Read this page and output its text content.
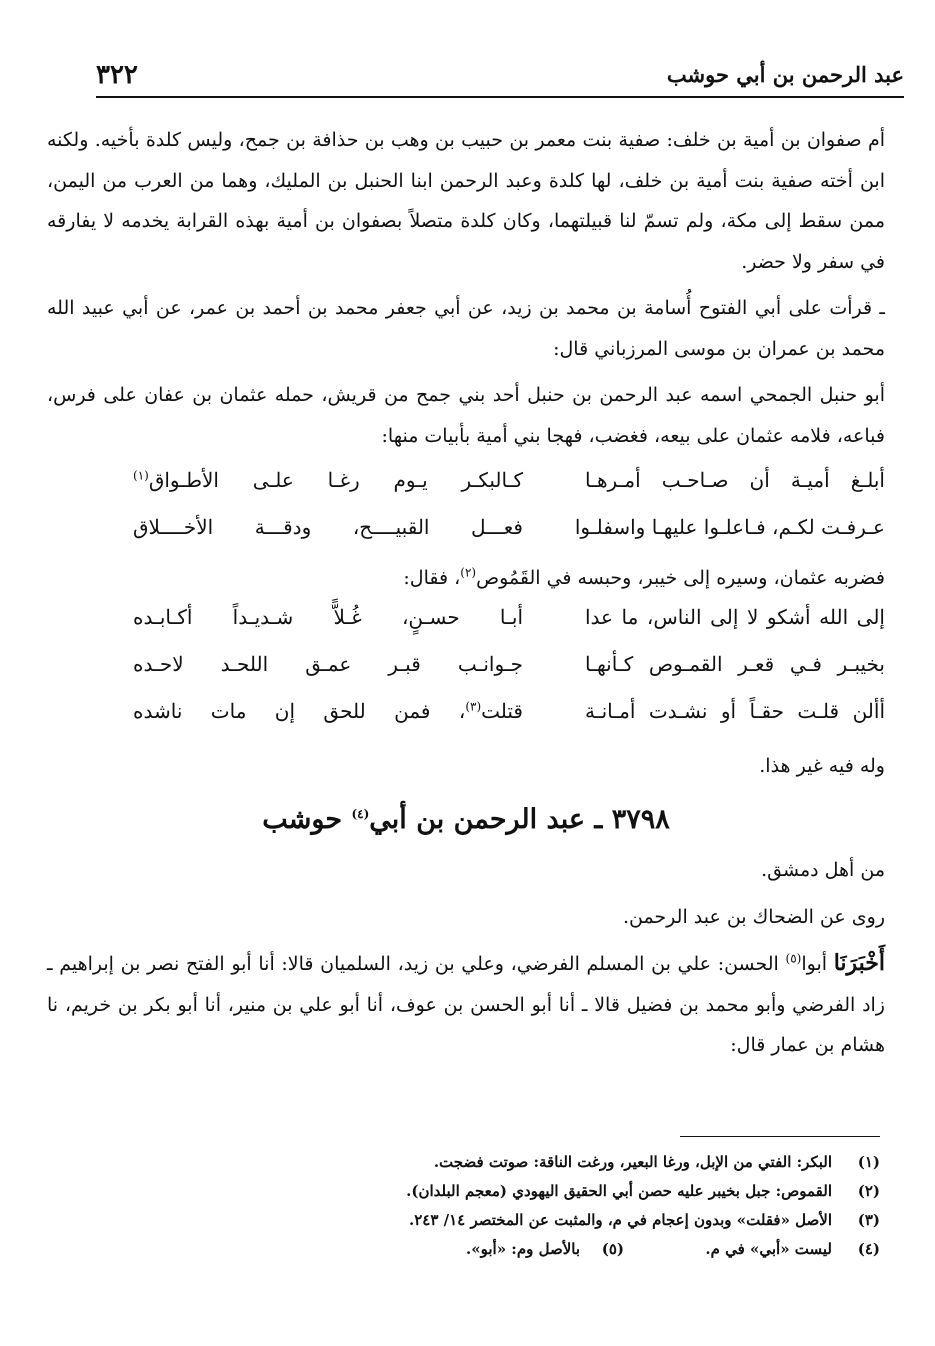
عبد الرحمن بن أبي حوشب
٣٢٢

أم صفوان بن أمية بن خلف: صفية بنت معمر بن حبيب بن وهب بن حذافة بن جمح، وليس كلدة بأخيه. ولكنه ابن أخته صفية بنت أمية بن خلف، لها كلدة وعبد الرحمن ابنا الحنبل بن المليك، وهما من العرب من اليمن، ممن سقط إلى مكة، ولم تسمّ لنا قبيلتهما، وكان كلدة متصلاً بصفوان بن أمية بهذه القرابة يخدمه لا يفارقه في سفر ولا حضر.

ـ قرأت على أبي الفتوح أُسامة بن محمد بن زيد، عن أبي جعفر محمد بن أحمد بن عمر، عن أبي عبيد الله محمد بن عمران بن موسى المرزباني قال:

أبو حنبل الجمحي اسمه عبد الرحمن بن حنبل أحد بني جمح من قريش، حمله عثمان بن عفان على فرس، فباعه، فلامه عثمان على بيعه، فغضب، فهجا بني أمية بأبيات منها:

أبلـغ أميـة أن صـاحـب أمـرهـا
كـالبكـر يـوم رغـا علـى الأطـواق$^{(١)}$
عـرفـت لكـم، فـاعلـوا عليهـا واسفلـوا
فعـــل القبيــــح، ودقـــة الأخــــلاق

فضربه عثمان، وسيره إلى خيبر، وحبسه في القَمُوص$^{(٢)}$، فقال:

إلى الله أشكو لا إلى الناس، ما عدا
أبـا حسـنٍ، غُـلاًّ شـديـداً أكـابـده
بخيبـر فـي قعـر القمـوص كـأنهـا
جـوانـب قبـر عمـق اللحـد لاحـده
أألن قلـت حقـاً أو نشـدت أمـانـة
قتلت$^{(٣)}$، فمن للحق إن مات ناشده

وله فيه غير هذا.

٣٧٩٨ ـ عبد الرحمن بن أبي$^{(٤)}$ حوشب

من أهل دمشق.

روى عن الضحاك بن عبد الرحمن.

أَخْبَرَنَا أبوا$^{(٥)}$ الحسن: علي بن المسلم الفرضي، وعلي بن زيد، السلميان قالا: أنا أبو الفتح نصر بن إبراهيم ـ زاد الفرضي وأبو محمد بن فضيل قالا ـ أنا أبو الحسن بن عوف، أنا أبو علي بن منير، أنا أبو بكر بن خريم، نا هشام بن عمار قال:

(١)
البكر: الفتي من الإبل، ورغا البعير، ورغت الناقة: صوتت فضجت.
(٢)
القموص: جبل بخيبر عليه حصن أبي الحقيق اليهودي (معجم البلدان).
(٣)
الأصل «فقلت» وبدون إعجام في م، والمثبت عن المختصر ١٤/ ٢٤٣.
(٤)
ليست «أبي» في م.
(٥)
بالأصل وم: «أبو».
